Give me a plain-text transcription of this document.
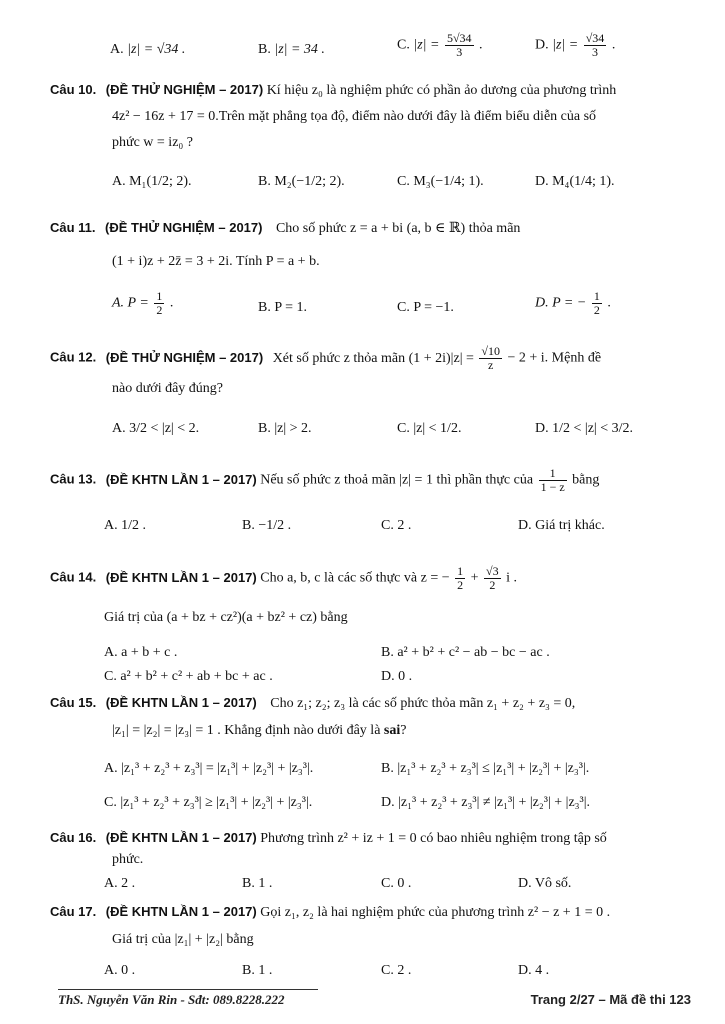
A. |z| = √34 .	B. |z| = 34 .	C. $|z| = \frac{5√34}{3}$ .	D. $|z| = \frac{√34}{3}$ .
Câu 10. (ĐỀ THỬ NGHIỆM – 2017) Kí hiệu z₀ là nghiệm phức có phần ảo dương của phương trình
4z² − 16z + 17 = 0.Trên mặt phẳng tọa độ, điểm nào dưới đây là điểm biểu diễn của số
phức w = iz₀ ?
A. M₁(1/2; 2).	B. M₂(−1/2; 2).	C. M₃(−1/4; 1).	D. M₄(1/4; 1).
Câu 11. (ĐỀ THỬ NGHIỆM – 2017) Cho số phức z = a + bi (a, b ∈ ℝ) thỏa mãn
(1 + i)z + 2z̄ = 3 + 2i. Tính P = a + b.
A. $P = \frac{1}{2}$ .	B. P = 1.	C. P = −1.	D. P = − $\frac{1}{2}$ .
Câu 12. (ĐỀ THỬ NGHIỆM – 2017) Xét số phức z thỏa mãn $(1 + 2i)|z| = \frac{√10}{z} - 2 + i$. Mệnh đề
nào dưới đây đúng?
A. 3/2 < |z| < 2.	B. |z| > 2.	C. |z| < 1/2.	D. 1/2 < |z| < 3/2.
Câu 13. (ĐỀ KHTN LẦN 1 – 2017) Nếu số phức z thoả mãn |z| = 1 thì phần thực của $\frac{1}{1 - z}$ bằng
A. 1/2 .	B. −1/2 .	C. 2 .	D. Giá trị khác.
Câu 14. (ĐỀ KHTN LẦN 1 – 2017) Cho a, b, c là các số thực và z = − $\frac{1}{2} + \frac{√3}{2}$ i .
Giá trị của (a + bz + cz²)(a + bz² + cz) bằng
A. a + b + c .	B. a² + b² + c² − ab − bc − ac .
C. a² + b² + c² + ab + bc + ac .	D. 0 .
Câu 15. (ĐỀ KHTN LẦN 1 – 2017) Cho z₁; z₂; z₃ là các số phức thỏa mãn z₁ + z₂ + z₃ = 0,
|z₁| = |z₂| = |z₃| = 1 . Khẳng định nào dưới đây là sai?
A. |z₁³ + z₂³ + z₃³| = |z₁³| + |z₂³| + |z₃³|.	B. |z₁³ + z₂³ + z₃³| ≤ |z₁³| + |z₂³| + |z₃³|.
C. |z₁³ + z₂³ + z₃³| ≥ |z₁³| + |z₂³| + |z₃³|.	D. |z₁³ + z₂³ + z₃³| ≠ |z₁³| + |z₂³| + |z₃³|.
Câu 16. (ĐỀ KHTN LẦN 1 – 2017) Phương trình z² + iz + 1 = 0 có bao nhiêu nghiệm trong tập số
phức.
A. 2 .	B. 1 .	C. 0 .	D. Vô số.
Câu 17. (ĐỀ KHTN LẦN 1 – 2017) Gọi z₁, z₂ là hai nghiệm phức của phương trình z² − z + 1 = 0 .
Giá trị của |z₁| + |z₂| bằng
A. 0 .	B. 1 .	C. 2 .	D. 4 .
ThS. Nguyễn Văn Rin - Sđt: 089.8228.222	Trang 2/27 – Mã đề thi 123
